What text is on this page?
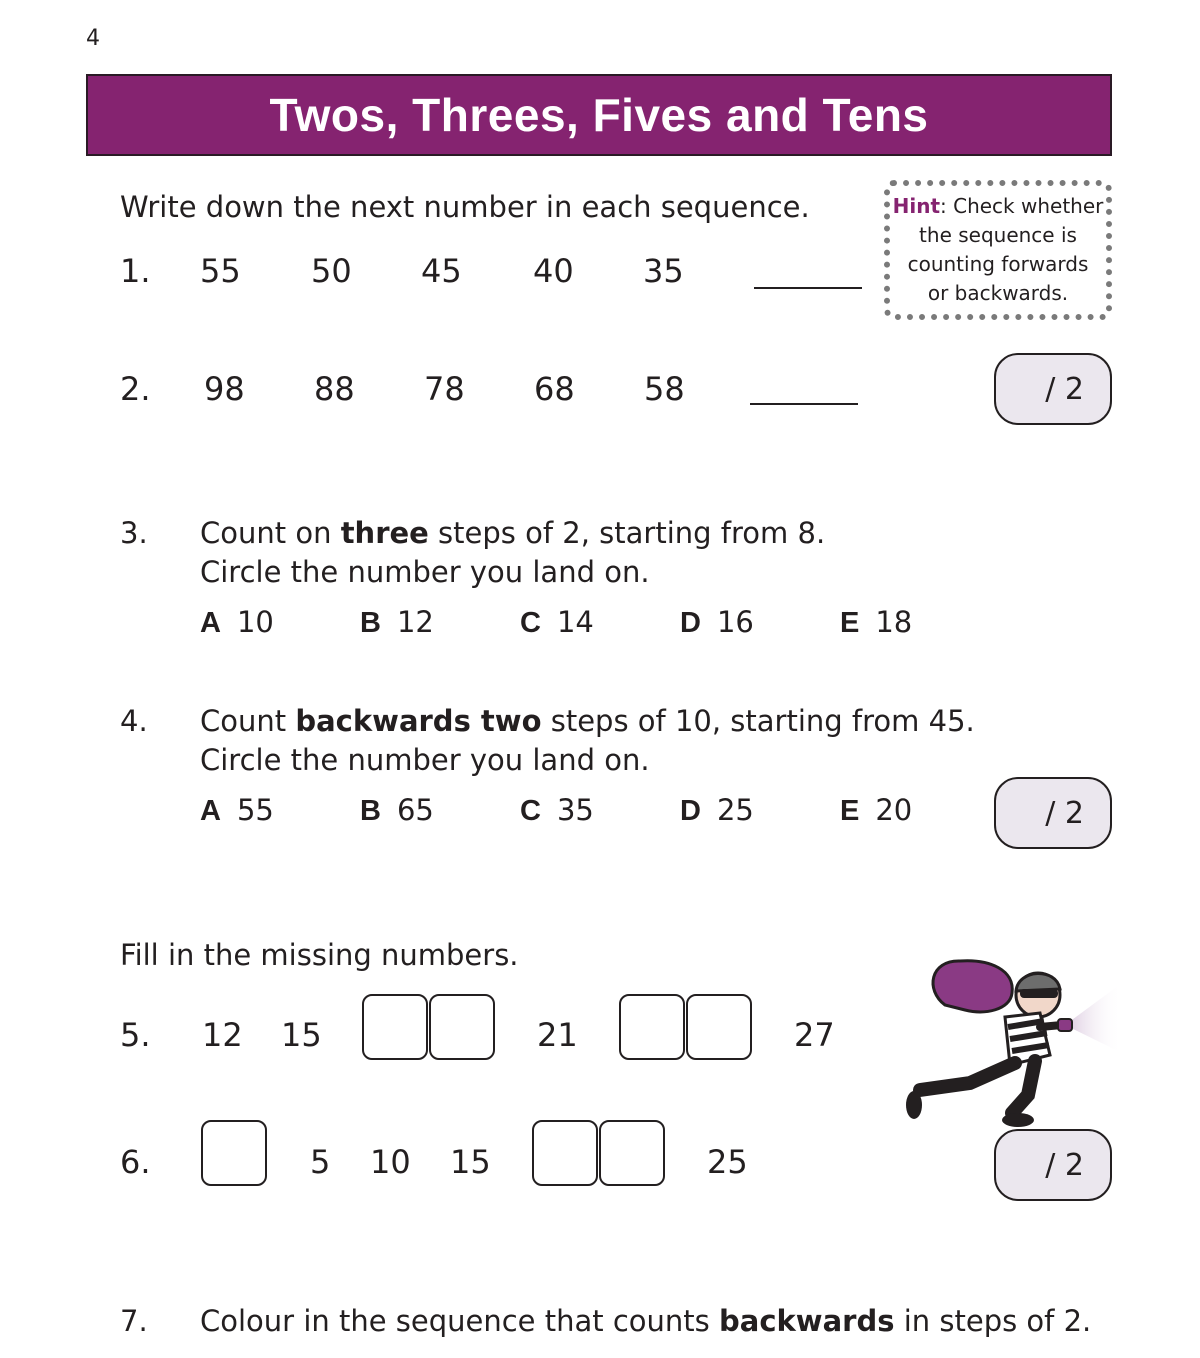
4
Twos, Threes, Fives and Tens
Write down the next number in each sequence.	Hint: Check whether
the sequence is
counting forwards
or backwards.
1. 55 50 45 40 35
2. 98 88 78 68 58	/ 2
3. Count on three steps of 2, starting from 8.
Circle the number you land on.
A 10	B 12	C 14	D 16	E 18
4. Count backwards two steps of 10, starting from 45.
Circle the number you land on.
A 55	B 65	C 35	D 25	E 20	/ 2
Fill in the missing numbers.
5. 12 15	21	27
6.	5 10 15	25	/ 2
7. Colour in the sequence that counts backwards in steps of 2.
